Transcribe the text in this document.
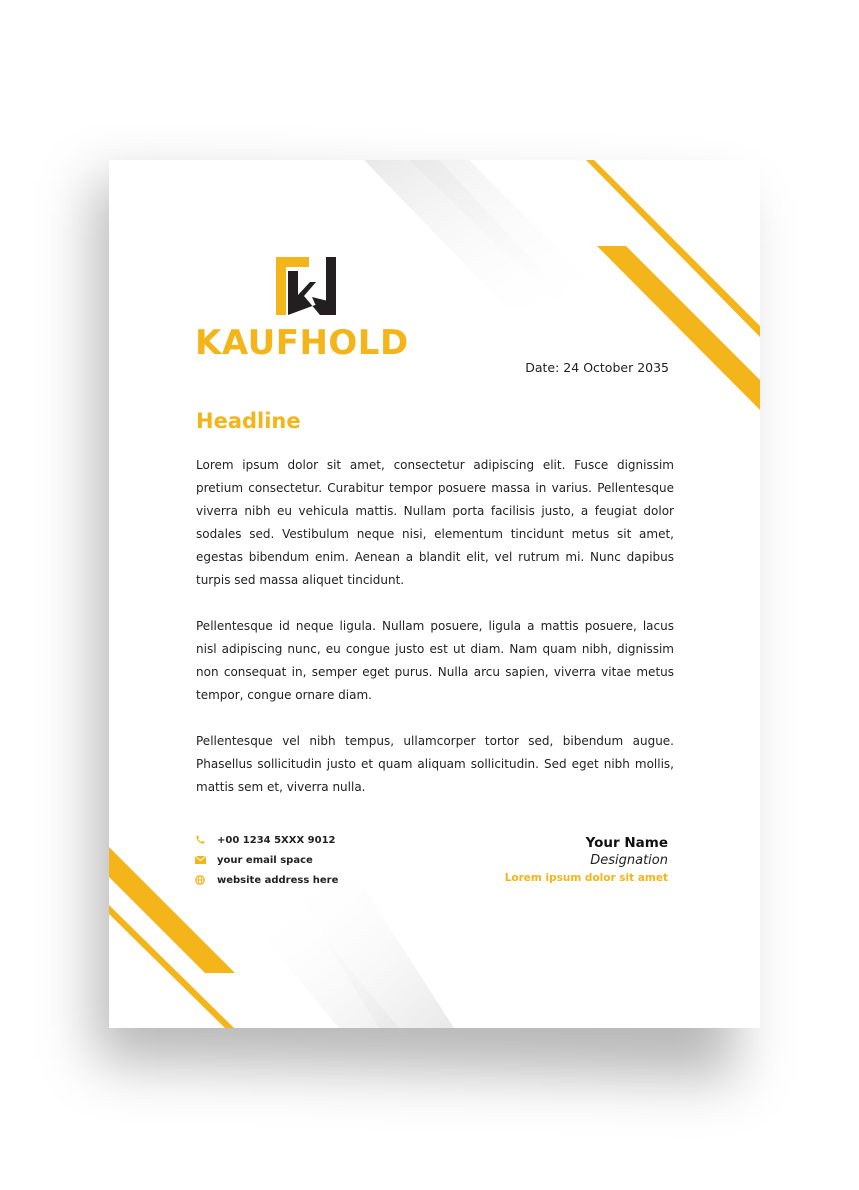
KAUFHOLD
Date: 24 October 2035
Headline

Lorem ipsum dolor sit amet, consectetur adipiscing elit. Fusce dignissim pretium consectetur. Curabitur tempor posuere massa in varius. Pellentesque viverra nibh eu vehicula mattis. Nullam porta facilisis justo, a feugiat dolor sodales sed. Vestibulum neque nisi, elementum tincidunt metus sit amet, egestas bibendum enim. Aenean a blandit elit, vel rutrum mi. Nunc dapibus turpis sed massa aliquet tincidunt.

Pellentesque id neque ligula. Nullam posuere, ligula a mattis posuere, lacus nisl adipiscing nunc, eu congue justo est ut diam. Nam quam nibh, dignissim non consequat in, semper eget purus. Nulla arcu sapien, viverra vitae metus tempor, congue ornare diam.

Pellentesque vel nibh tempus, ullamcorper tortor sed, bibendum augue. Phasellus sollicitudin justo et quam aliquam sollicitudin. Sed eget nibh mollis, mattis sem et, viverra nulla.

+00 1234 5XXX 9012
your email space
website address here
Your Name
Designation
Lorem ipsum dolor sit amet
